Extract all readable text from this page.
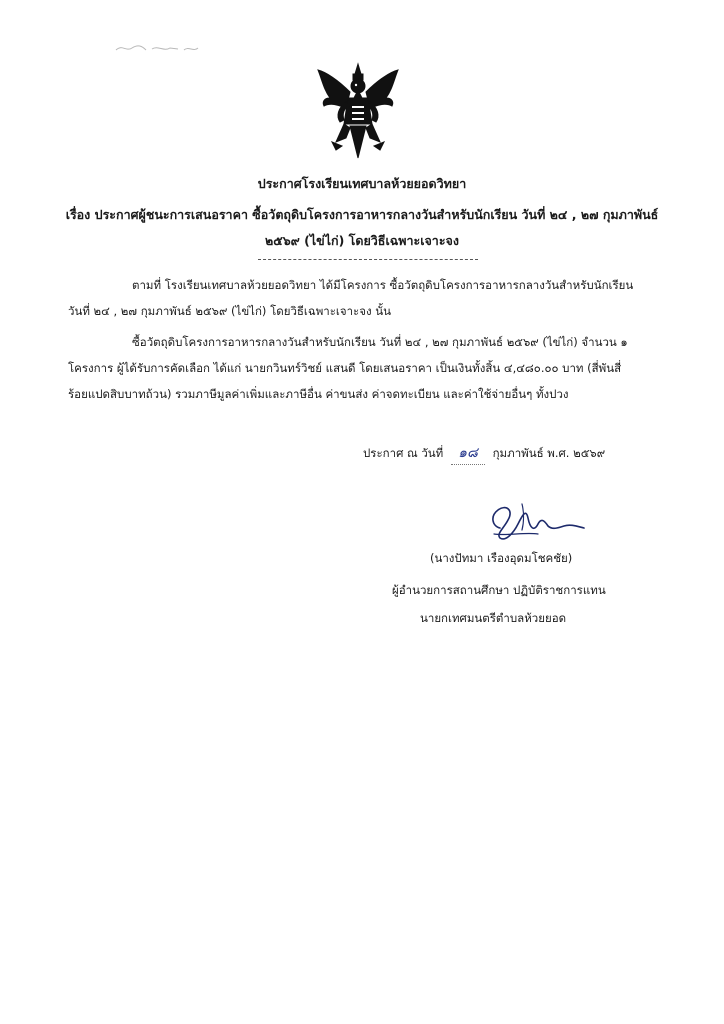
ประกาศโรงเรียนเทศบาลห้วยยอดวิทยา
เรื่อง ประกาศผู้ชนะการเสนอราคา ซื้อวัตถุดิบโครงการอาหารกลางวันสำหรับนักเรียน วันที่ ๒๔ , ๒๗ กุมภาพันธ์
๒๕๖๙ (ไข่ไก่) โดยวิธีเฉพาะเจาะจง
ตามที่ โรงเรียนเทศบาลห้วยยอดวิทยา ได้มีโครงการ ซื้อวัตถุดิบโครงการอาหารกลางวันสำหรับนักเรียน
วันที่ ๒๔ , ๒๗ กุมภาพันธ์ ๒๕๖๙ (ไข่ไก่) โดยวิธีเฉพาะเจาะจง นั้น
ซื้อวัตถุดิบโครงการอาหารกลางวันสำหรับนักเรียน วันที่ ๒๔ , ๒๗ กุมภาพันธ์ ๒๕๖๙ (ไข่ไก่) จำนวน ๑
โครงการ ผู้ได้รับการคัดเลือก ได้แก่ นายกวินทร์วิชย์ แสนดี โดยเสนอราคา เป็นเงินทั้งสิ้น ๔,๔๘๐.๐๐ บาท (สี่พันสี่
ร้อยแปดสิบบาทถ้วน) รวมภาษีมูลค่าเพิ่มและภาษีอื่น ค่าขนส่ง ค่าจดทะเบียน และค่าใช้จ่ายอื่นๆ ทั้งปวง
ประกาศ ณ วันที่ ๑๘ กุมภาพันธ์ พ.ศ. ๒๕๖๙
(นางปัทมา เรืองอุดมโชคชัย)
ผู้อำนวยการสถานศึกษา ปฏิบัติราชการแทน
นายกเทศมนตรีตำบลห้วยยอด
